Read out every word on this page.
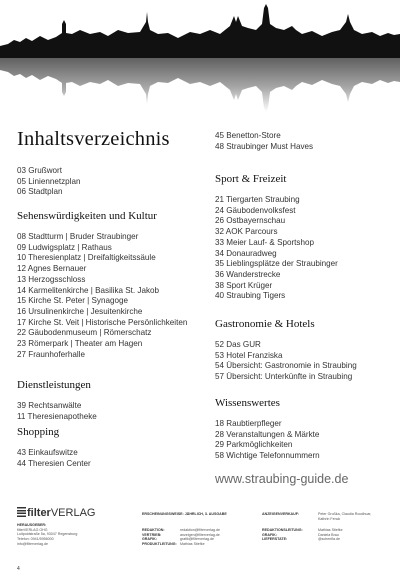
Inhaltsverzeichnis
03 Grußwort
05 Liniennetzplan
06 Stadtplan
Sehenswürdigkeiten und Kultur
08 Stadtturm | Bruder Straubinger
09 Ludwigsplatz | Rathaus
10 Theresienplatz | Dreifaltigkeitssäule
12 Agnes Bernauer
13 Herzogsschloss
14 Karmelitenkirche | Basilika St. Jakob
15 Kirche St. Peter | Synagoge
16 Ursulinenkirche | Jesuitenkirche
17 Kirche St. Veit | Historische Persönlichkeiten
22 Gäubodenmuseum | Römerschatz
23 Römerpark | Theater am Hagen
27 Fraunhoferhalle
Dienstleistungen
39 Rechtsanwälte
11 Theresienapotheke
Shopping
43 Einkaufswitze
44 Theresien Center
45 Benetton-Store
48 Straubinger Must Haves
Sport & Freizeit
21 Tiergarten Straubing
24 Gäubodenvolksfest
26 Ostbayernschau
32 AOK Parcours
33 Meier Lauf- & Sportshop
34 Donauradweg
35 Lieblingsplätze der Straubinger
36 Wanderstrecke
38 Sport Krüger
40 Straubing Tigers
Gastronomie & Hotels
52 Das GUR
53 Hotel Franziska
54 Übersicht: Gastronomie in Straubing
57 Übersicht: Unterkünfte in Straubing
Wissenswertes
18 Raubtierpfleger
28 Veranstaltungen & Märkte
29 Parkmöglichkeiten
58 Wichtige Telefonnummern
www.straubing-guide.de
filterVERLAG
HERAUSGEBER:
filterVERLAG OHG
Luitpoldstraße 5a, 93047 Regensburg
Telefon: 0941/5956000
info@filterverlag.de
ERSCHEINUNGSWEISE: JÄHRLICH, 3. AUSGABE
REDAKTION:
VERTRIEB:
GRAFIK:
PRODUKTLEITUNG:
redaktion@filterverlag.de
anzeigen@filterverlag.de
grafik@filterverlag.de
Mathias Stiefke
ANZEIGENVERKAUF:	Peter Großka, Claudia Roodhuar,
Kathrin Fenck
REDAKTIONSLEITUNG:
GRAFIK:
LIEFERSTATE:
Mathias Stiefke
Daniela Brau
@schenfla.de
4
